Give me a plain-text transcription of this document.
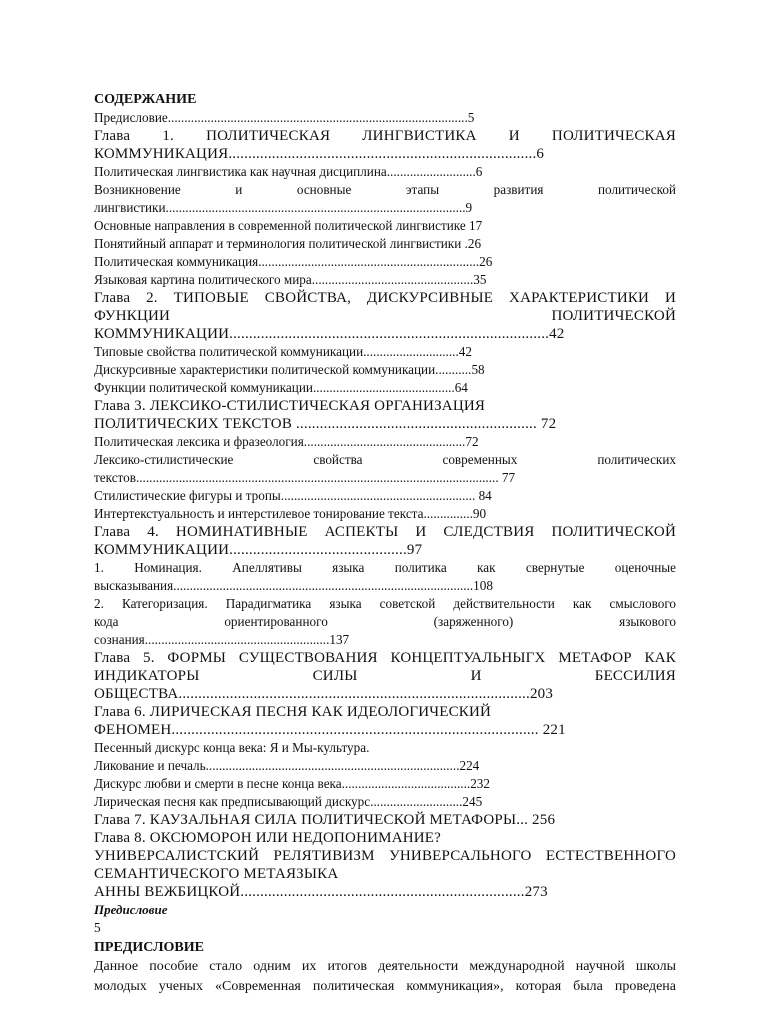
СОДЕРЖАНИЕ
Предисловие...........................................................................................5
Глава 1. ПОЛИТИЧЕСКАЯ ЛИНГВИСТИКА И ПОЛИТИЧЕСКАЯ
КОММУНИКАЦИЯ..............................................................................6
Политическая лингвистика как научная дисциплина...........................6
Возникновение и основные этапы развития политической
лингвистики...........................................................................................9
Основные направления в современной политической лингвистике 17
Понятийный аппарат и терминология политической лингвистики .26
Политическая коммуникация...................................................................26
Языковая картина политического мира.................................................35
Глава 2. ТИПОВЫЕ СВОЙСТВА, ДИСКУРСИВНЫЕ ХАРАКТЕРИСТИКИ И
ФУНКЦИИ ПОЛИТИЧЕСКОЙ
КОММУНИКАЦИИ.................................................................................42
Типовые свойства политической коммуникации.............................42
Дискурсивные характеристики политической коммуникации...........58
Функции политической коммуникации...........................................64
Глава 3. ЛЕКСИКО-СТИЛИСТИЧЕСКАЯ ОРГАНИЗАЦИЯ
ПОЛИТИЧЕСКИХ ТЕКСТОВ ............................................................. 72
Политическая лексика и фразеология.................................................72
Лексико-стилистические свойства современных политических
текстов.............................................................................................................. 77
Стилистические фигуры и тропы........................................................... 84
Интертекстуальность и интерстилевое тонирование текста...............90
Глава 4. НОМИНАТИВНЫЕ АСПЕКТЫ И СЛЕДСТВИЯ ПОЛИТИЧЕСКОЙ
КОММУНИКАЦИИ.............................................97
1. Номинация. Апеллятивы языка политика как свернутые оценочные
высказывания...........................................................................................108
2. Категоризация. Парадигматика языка советской действительности как смыслового
кода ориентированного (заряженного) языкового
сознания........................................................137
Глава 5. ФОРМЫ СУЩЕСТВОВАНИЯ КОНЦЕПТУАЛЬНЫГХ МЕТАФОР КАК
ИНДИКАТОРЫ СИЛЫ И БЕССИЛИЯ
ОБЩЕСТВА.........................................................................................203
Глава 6. ЛИРИЧЕСКАЯ ПЕСНЯ КАК ИДЕОЛОГИЧЕСКИЙ
ФЕНОМЕН............................................................................................. 221
Песенный дискурс конца века: Я и Мы-культура.
Ликование и печаль.............................................................................224
Дискурс любви и смерти в песне конца века.......................................232
Лирическая песня как предписывающий дискурс............................245
Глава 7. КАУЗАЛЬНАЯ СИЛА ПОЛИТИЧЕСКОЙ МЕТАФОРЫ... 256
Глава 8. ОКСЮМОРОН ИЛИ НЕДОПОНИМАНИЕ?
УНИВЕРСАЛИСТСКИЙ РЕЛЯТИВИЗМ УНИВЕРСАЛЬНОГО ЕСТЕСТВЕННОГО
СЕМАНТИЧЕСКОГО МЕТАЯЗЫКА
АННЫ ВЕЖБИЦКОЙ........................................................................273
Предисловие
5
ПРЕДИСЛОВИЕ
Данное пособие стало одним их итогов деятельности международной научной школы
молодых ученых «Современная политическая коммуникация», которая была проведена
